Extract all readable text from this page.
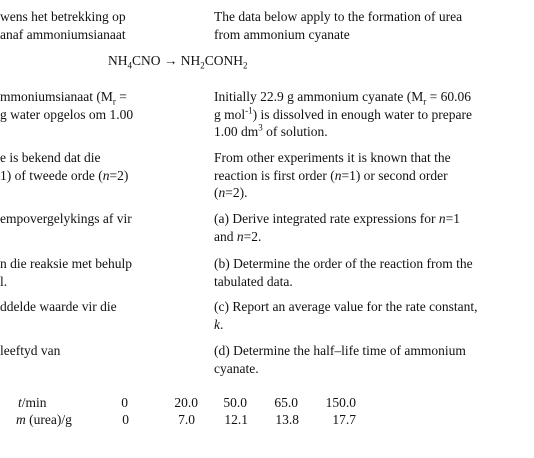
wens het betrekking op
anaf ammoniumsianaat
The data below apply to the formation of urea
from ammonium cyanate
$NH_4CNO$ → $NH_2CONH_2$
mmoniumsianaat ($M_r$ =
g water opgelos om 1.00
Initially 22.9 g ammonium cyanate ($M_r = 60.06$
g mol$^{-1}$) is dissolved in enough water to prepare
1.00 $dm^3$ of solution.
e is bekend dat die
1) of tweede orde (n=2)
From other experiments it is known that the
reaction is first order (n=1) or second order
(n=2).
empovergelykings af vir	(a) Derive integrated rate expressions for n=1
and n=2.
n die reaksie met behulp
l.
(b) Determine the order of the reaction from the
tabulated data.
ddelde waarde vir die	(c) Report an average value for the rate constant,
k.
leeftyd van	(d) Determine the half–life time of ammonium
cyanate.
t/min	0	20.0 50.0 65.0 150.0
m (urea)/g	0	7.0 12.1 13.8 17.7
